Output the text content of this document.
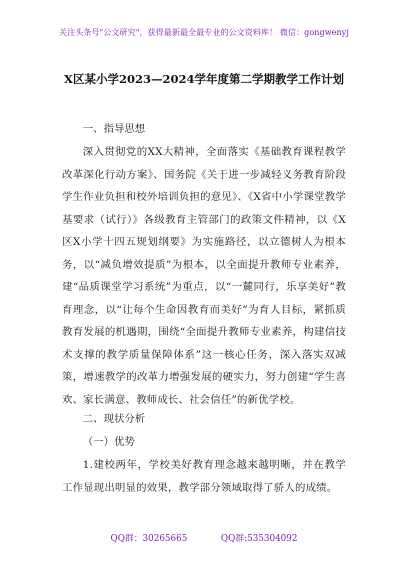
关注头条号"公文研究"，获得最新最全最专业的公文资料库！ 微信：gongwenyj
X区某小学2023—2024学年度第二学期教学工作计划
一、指导思想

深入贯彻党的XX大精神，全面落实《基础教育课程教学改革深化行动方案》、国务院《关于进一步减轻义务教育阶段学生作业负担和校外培训负担的意见》、《X省中小学课堂教学基要求（试行）》各级教育主管部门的政策文件精神，以《X区X小学十四五规划纲要》为实施路径，以立德树人为根本务，以“减负增效提质”为根本，以全面提升教师专业素养，建“品质课堂学习系统”为重点，以“一麓同行，乐享美好”教育理念，以“让每个生命因教育而美好”为育人目标，紧抓质教育发展的机遇期，围绕“全面提升教师专业素养，构建信技术支撑的教学质量保障体系”这一核心任务，深入落实双减策，增速教学的改革力增强发展的硬实力，努力创建“学生喜欢、家长满意、教师成长、社会信任”的新优学校。

二、现状分析
（一）优势

1.建校两年，学校美好教育理念越来越明晰，并在教学工作显现出明显的效果，教学部分领域取得了骄人的成绩。

QQ群：30265665	QQ群:535304092
